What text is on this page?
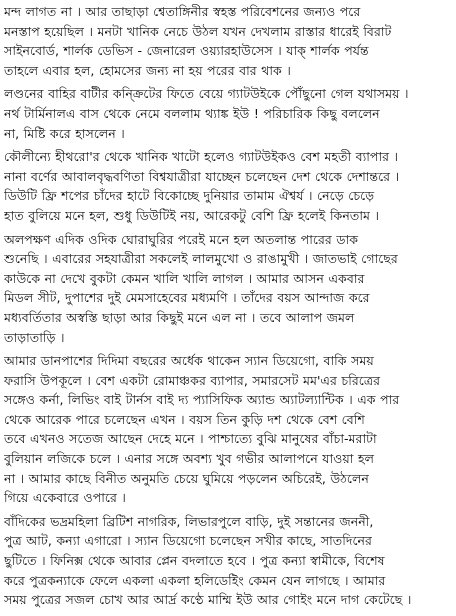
মন্দ লাগত না । আর তাছাড়া শ্বেতাঙ্গিনীর স্বহস্ত পরিবেশনের জন্যও পরে
মনস্তাপ হয়েছিল । মনটা খানিক নেচে উঠল যখন দেখলাম রাস্তার ধারেই বিরাট
সাইনবোর্ড, শার্লক ডেভিস - জেনারেল ওয়্যারহাউসেস । যাক্‌ শার্লক পর্যন্ত
তাহলে এবার হল, হোমসের জন্য না হয় পরের বার থাক ।
লণ্ডনের বাহির বাটীর কন্ক্রিটের ফিতে বেয়ে গ্যাটউইকে পৌঁছুনো গেল যথাসময় ।
নর্থ টার্মিনালএ বাস থেকে নেমে বললাম থ্যাঙ্ক ইউ ! পরিচারিক কিছু বললেন
না, মিষ্টি করে হাসলেন ।
কৌলীন্যে হীথরো'র থেকে খানিক খাটো হলেও গ্যাটউইকও বেশ মহতী ব্যাপার ।
নানা বর্ণের আবালবৃদ্ধবণিতা বিশ্বযাত্রীরা যাচ্ছেন চলেছেন দেশ থেকে দেশান্তরে ।
ডিউটি ফ্রি শপের চাঁদের হাটে বিকোচ্ছে দুনিয়ার তামাম ঐশ্বর্য । নেড়ে চেড়ে
হাত বুলিয়ে মনে হল, শুধু ডিউটিই নয়, আরেকটু বেশি ফ্রি হলেই কিনতাম ।
অলপক্ষণ এদিক ওদিক ঘোরাঘুরির পরেই মনে হল অতলান্ত পারের ডাক
শুনেছি । এবারের সহযাত্রীরা সকলেই লালমুখো ও রাঙামুখী । জাতভাই গোছের
কাউকে না দেখে বুকটা কেমন খালি খালি লাগল । আমার আসন একবার
মিডল সীট, দুপাশের দুই মেমসাহেবের মধ্যমণি । তাঁদের বয়স আন্দাজ করে
মধ্যবর্তিতার অস্বস্তি ছাড়া আর কিছুই মনে এল না । তবে আলাপ জমল
তাড়াতাড়ি ।
আমার ডানপাশের দিদিমা বছরের অর্ধেক থাকেন স্যান ডিয়েগো, বাকি সময়
ফরাসি উপকূলে । বেশ একটা রোমাঞ্চকর ব্যাপার, সমারসেট মম'এর চরিত্রের
সঙ্গেও কর্না, লিভিং বাই টার্নস বাই দ্য প্যাসিফিক অ্যান্ড অ্যাটল্যান্টিক । এক পার
থেকে আরেক পারে চলেছেন এখন । বয়স তিন কুড়ি দশ থেকে বেশ বেশি
তবে এখনও সতেজ আছেন দেহে মনে । পাশ্চাত্যে বুঝি মানুষের বাঁচা-মরাটা
বুলিয়ান লজিকে চলে । এনার সঙ্গে অবশ্য খুব গভীর আলাপনে যাওয়া হল
না । আমার কাছে বিনীত অনুমতি চেয়ে ঘুমিয়ে পড়লেন অচিরেই, উঠলেন
গিয়ে একেবারে ওপারে ।
বাঁদিকের ভদ্রমহিলা ব্রিটিশ নাগরিক, লিভারপুলে বাড়ি, দুই সন্তানের জননী,
পুত্র আট, কন্যা এগারো । স্যান ডিয়েগো চলেছেন সখীর কাছে, সাতদিনের
ছুটিতে । ফিনিক্স থেকে আবার প্লেন বদলাতে হবে । পুত্র কন্যা স্বামীকে, বিশেষ
করে পুত্রকন্যাকে ফেলে একলা একলা হলিডেইিং কেমন যেন লাগছে । আমার
সময় পুত্রের সজল চোখ আর আর্দ্র কণ্ঠে মাম্মি ইউ আর গোইং মনে দাগ কেটেছে ।
